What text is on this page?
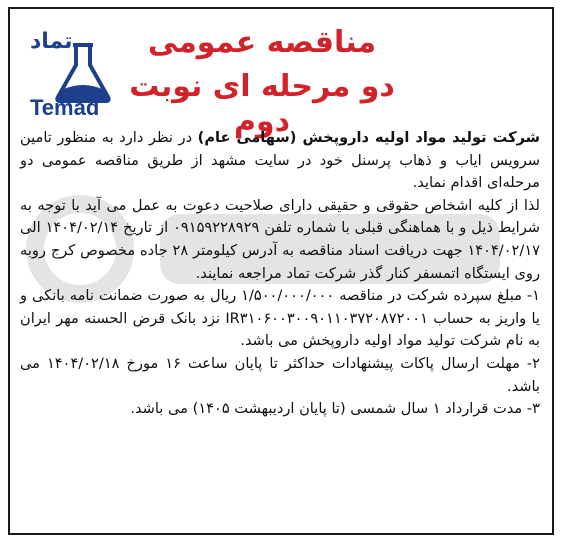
مناقصه عمومی
دو مرحله ای نوبت دوم
تماد
Temad

شرکت تولید مواد اولیه داروپخش (سهامی عام) در نظر دارد به منظور تامین سرویس ایاب و ذهاب پرسنل خود در سایت مشهد از طریق مناقصه عمومی دو مرحله‌ای اقدام نماید.

لذا از کلیه اشخاص حقوقی و حقیقی دارای صلاحیت دعوت به عمل می آید با توجه به شرایط ذیل و با هماهنگی قبلی با شماره تلفن ۰۹۱۵۹۲۲۸۹۲۹ از تاریخ ۱۴۰۴/۰۲/۱۴ الی ۱۴۰۴/۰۲/۱۷ جهت دریافت اسناد مناقصه به آدرس کیلومتر ۲۸ جاده مخصوص کرج روبه روی ایستگاه اتمسفر کنار گذر شرکت تماد مراجعه نمایند.

۱- مبلغ سپرده شرکت در مناقصه ۱/۵۰۰/۰۰۰/۰۰۰ ریال به صورت ضمانت نامه بانکی و یا واریز به حساب IR۳۱۰۶۰۰۳۰۰۹۰۱۱۰۳۷۲۰۸۷۲۰۰۱ نزد بانک قرض الحسنه مهر ایران به نام شرکت تولید مواد اولیه داروپخش می باشد.

۲- مهلت ارسال پاکات پیشنهادات حداکثر تا پایان ساعت ۱۶ مورخ ۱۴۰۴/۰۲/۱۸ می باشد.

۳- مدت قرارداد ۱ سال شمسی (تا پایان اردیبهشت ۱۴۰۵) می باشد.
